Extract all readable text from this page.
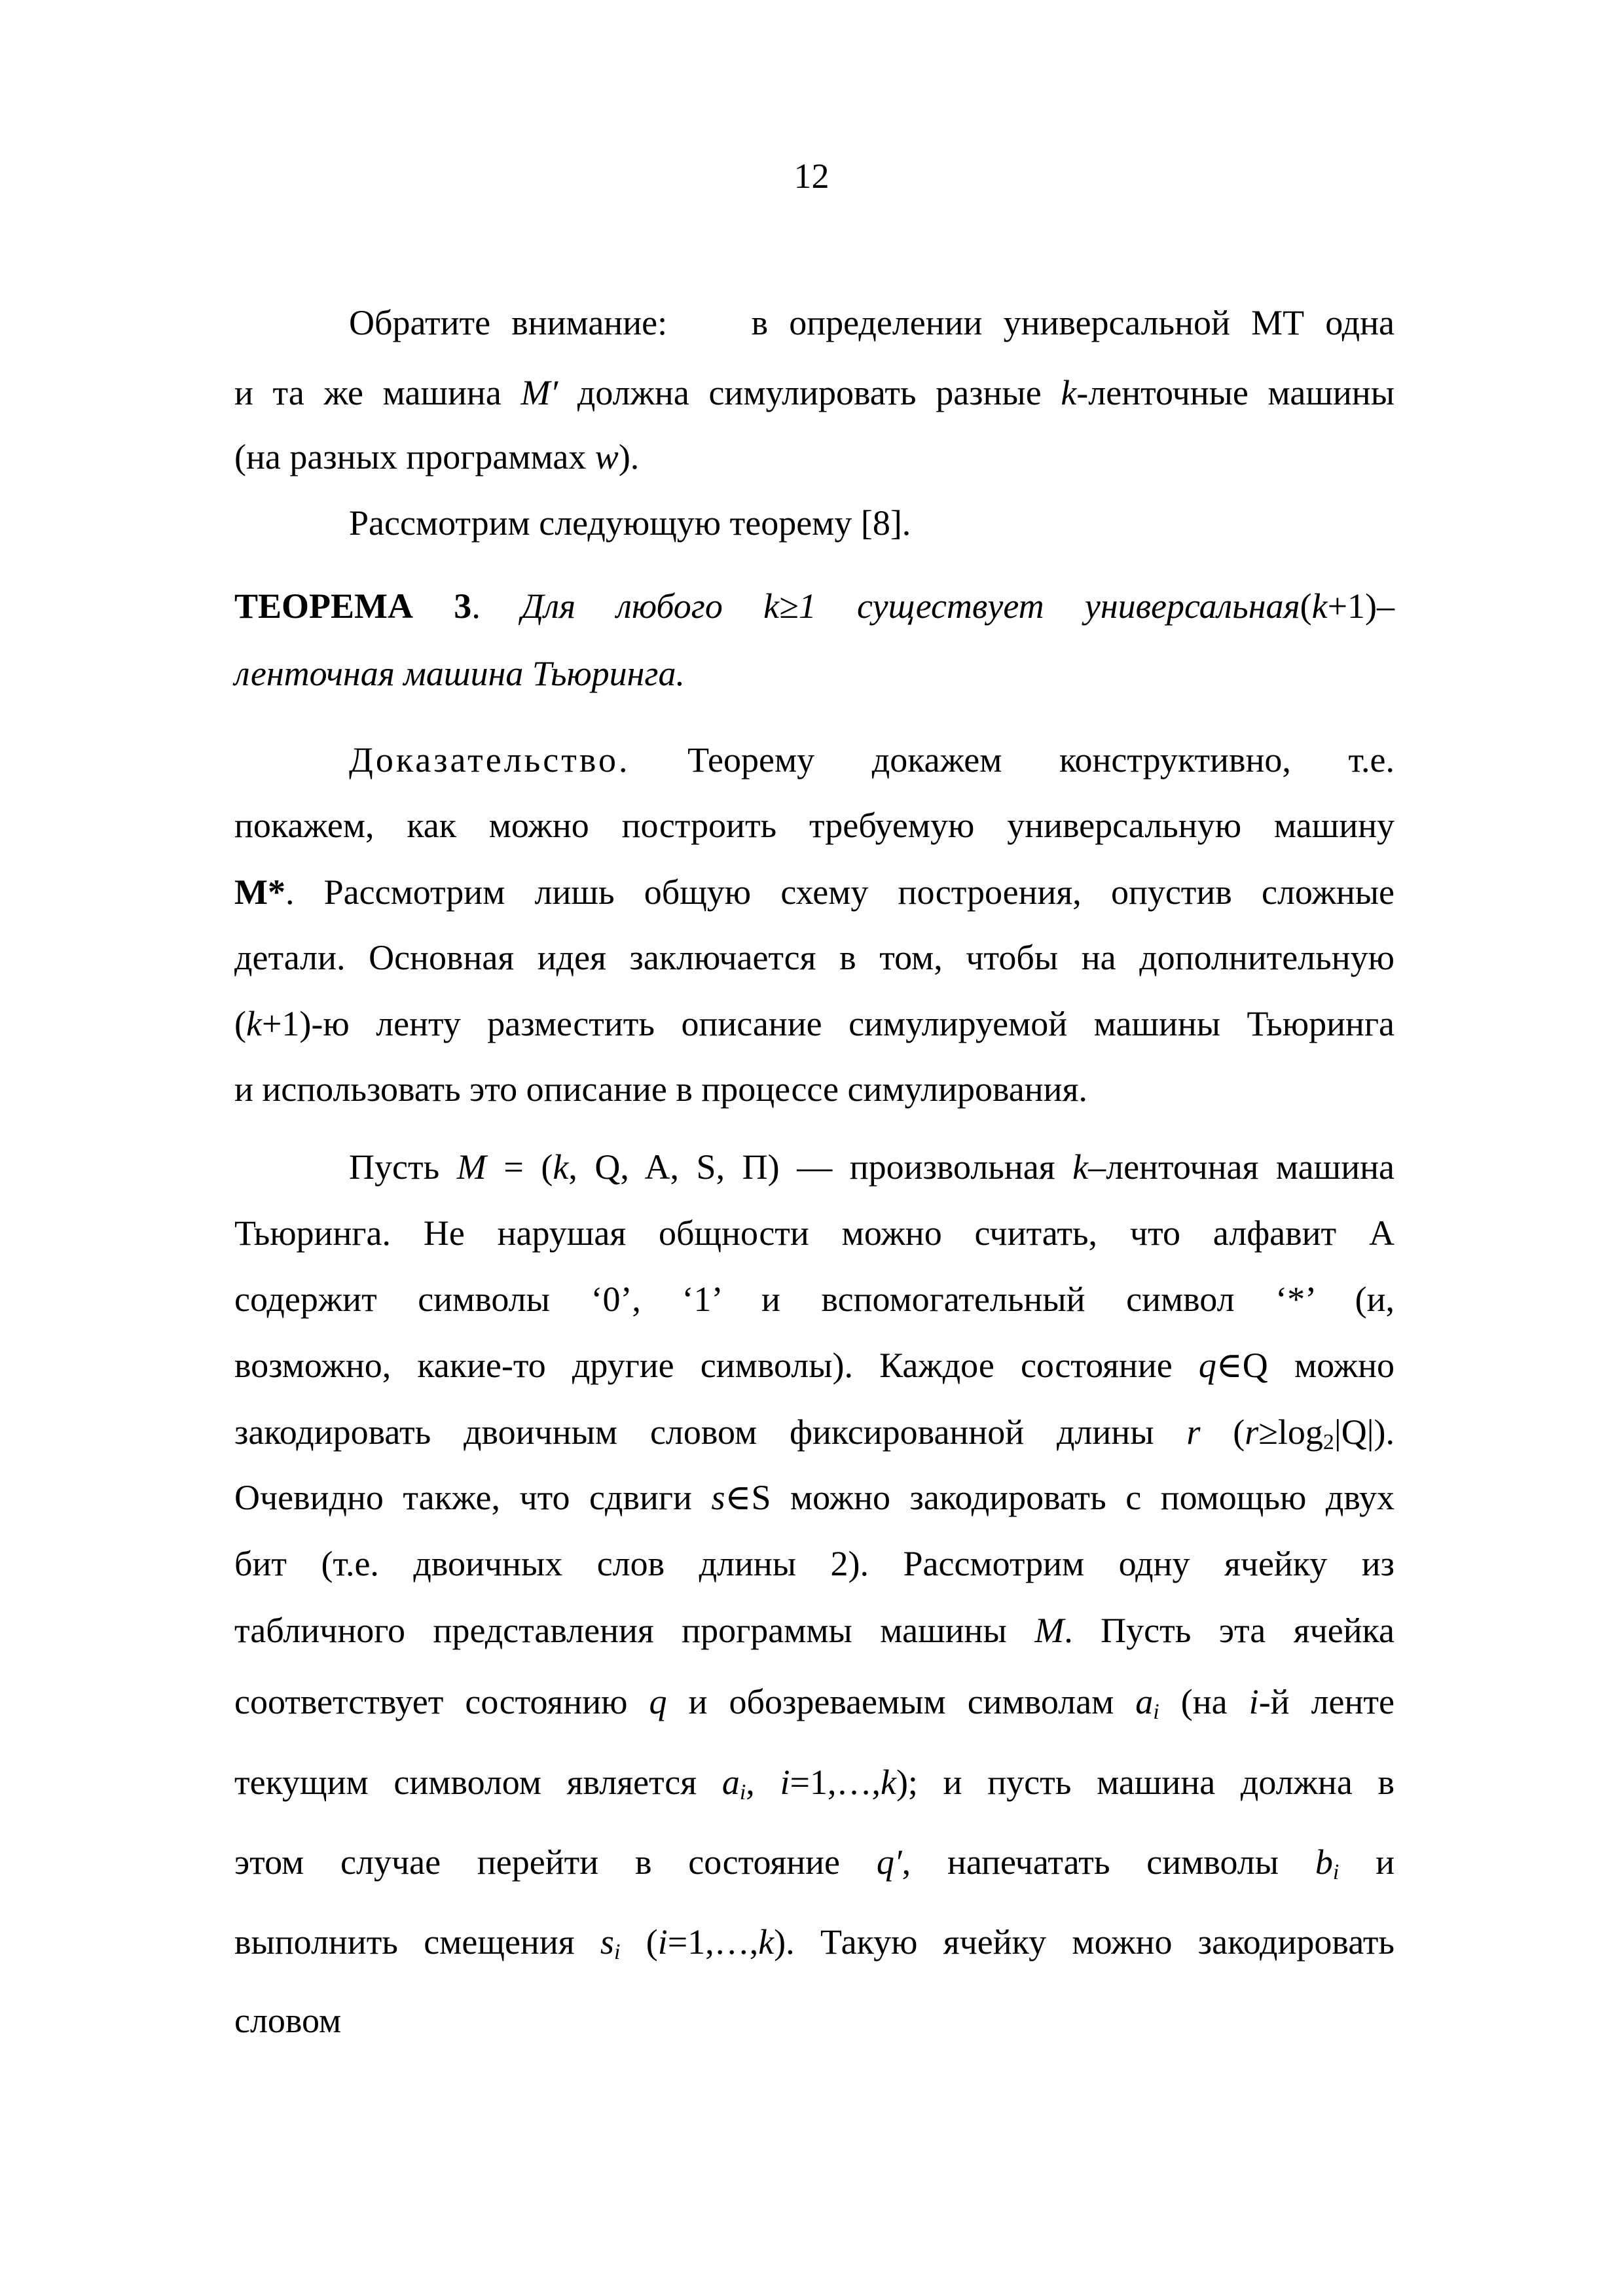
12
Обратите внимание:    в определении универсальной МТ одна
и та же машина M′ должна симулировать разные k-ленточные машины
(на разных программах w).
Рассмотрим следующую теорему [8].
ТЕОРЕМА 3. Для любого k≥1 существует универсальная(k+1)–
ленточная машина Тьюринга.
Доказательство. Теорему докажем конструктивно, т.е.
покажем, как можно построить требуемую универсальную машину
М*. Рассмотрим лишь общую схему построения, опустив сложные
детали. Основная идея заключается в том, чтобы на дополнительную
(k+1)-ю ленту разместить описание симулируемой машины Тьюринга
и использовать это описание в процессе симулирования.
Пусть M = (k, Q, A, S, П) — произвольная k–ленточная машина
Тьюринга. Не нарушая общности можно считать, что алфавит А
содержит символы ‘0’, ‘1’ и вспомогательный символ ‘*’ (и,
возможно, какие-то другие символы). Каждое состояние q∈Q можно
закодировать двоичным словом фиксированной длины r $(r\ge\log_2|Q|)$.
Очевидно также, что сдвиги s∈S можно закодировать с помощью двух
бит (т.е. двоичных слов длины 2). Рассмотрим одну ячейку из
табличного представления программы машины M. Пусть эта ячейка
соответствует состоянию q и обозреваемым символам $a_i$ (на i-й ленте
текущим символом является $a_i$, i=1,…,k); и пусть машина должна в
этом случае перейти в состояние q′, напечатать символы $b_i$ и
выполнить смещения $s_i$ (i=1,…,k). Такую ячейку можно закодировать
словом
